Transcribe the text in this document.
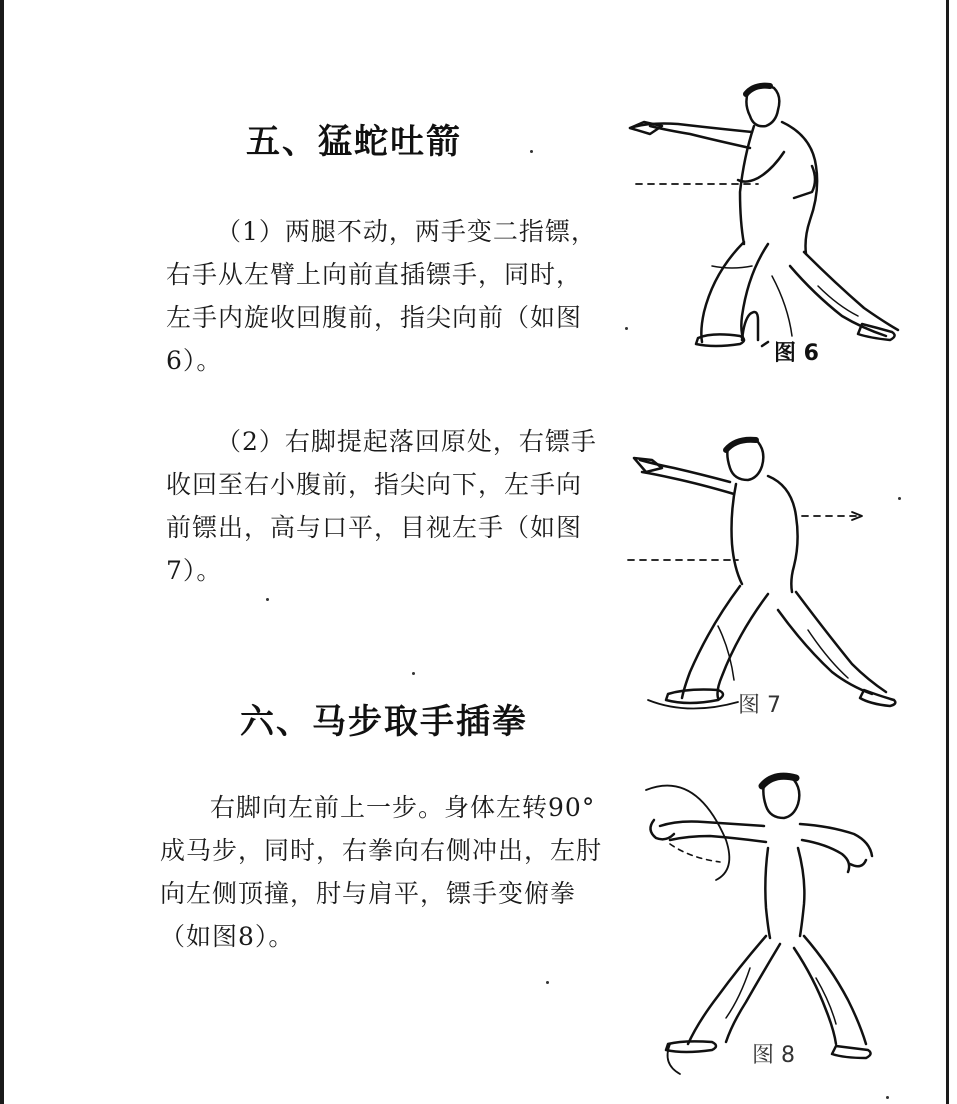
五、猛蛇吐箭

（1）两腿不动，两手变二指镖，右手从左臂上向前直插镖手，同时，左手内旋收回腹前，指尖向前（如图6）。

（2）右脚提起落回原处，右镖手收回至右小腹前，指尖向下，左手向前镖出，高与口平，目视左手（如图7）。

六、马步取手插拳

右脚向左前上一步。身体左转90°成马步，同时，右拳向右侧冲出，左肘向左侧顶撞，肘与肩平，镖手变俯拳（如图8）。

图 6
图 7
图 8
